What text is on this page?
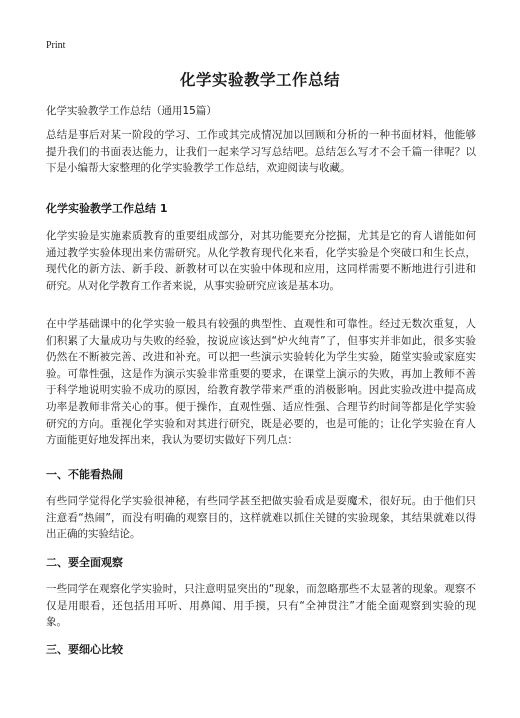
Print
化学实验教学工作总结
化学实验教学工作总结（通用15篇）

总结是事后对某一阶段的学习、工作或其完成情况加以回顾和分析的一种书面材料，他能够提升我们的书面表达能力，让我们一起来学习写总结吧。总结怎么写才不会千篇一律呢？以下是小编帮大家整理的化学实验教学工作总结，欢迎阅读与收藏。

化学实验教学工作总结 1

化学实验是实施素质教育的重要组成部分，对其功能要充分挖掘，尤其是它的育人谱能如何通过教学实验体现出来仿需研究。从化学教育现代化来看，化学实验是个突破口和生长点，现代化的新方法、新手段、新教材可以在实验中体现和应用，这同样需要不断地进行引进和研究。从对化学教育工作者来说，从事实验研究应该是基本功。

在中学基础课中的化学实验一般具有较强的典型性、直观性和可靠性。经过无数次重复，人们积累了大量成功与失败的经验，按说应该达到“炉火纯青”了，但事实并非如此，很多实验仍然在不断被完善、改进和补充。可以把一些演示实验转化为学生实验，随堂实验或家庭实验。可靠性强，这是作为演示实验非常重要的要求，在课堂上演示的失败，再加上教师不善于科学地说明实验不成功的原因，给教育教学带来严重的消极影响。因此实验改进中提高成功率是教师非常关心的事。便于操作，直观性强、适应性强、合理节约时间等都是化学实验研究的方向。重视化学实验和对其进行研究，既是必要的，也是可能的；让化学实验在育人方面能更好地发挥出来，我认为要切实做好下列几点：

一、不能看热闹

有些同学觉得化学实验很神秘，有些同学甚至把做实验看成是耍魔术，很好玩。由于他们只注意看“热闹”，而没有明确的观察目的，这样就难以抓住关键的实验现象，其结果就难以得出正确的实验结论。

二、要全面观察

一些同学在观察化学实验时，只注意明显突出的“现象，而忽略那些不太显著的现象。观察不仅是用眼看，还包括用耳听、用鼻闻、用手摸，只有“全神贯注”才能全面观察到实验的现象。

三、要细心比较
